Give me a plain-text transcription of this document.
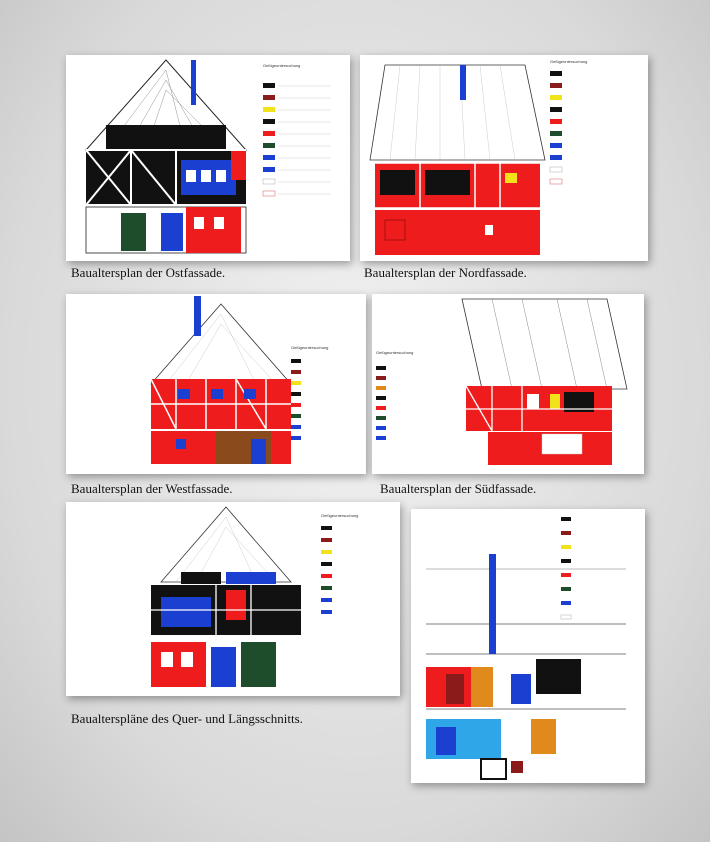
Gefügeuntersuchung
Baualtersplan der Ostfassade.
Gefügeuntersuchung
Baualtersplan der Nordfassade.
Gefügeuntersuchung
Baualtersplan der Westfassade.
Gefügeuntersuchung
Baualtersplan der Südfassade.
Gefügeuntersuchung
Baualterspläne des Quer- und Längsschnitts.
